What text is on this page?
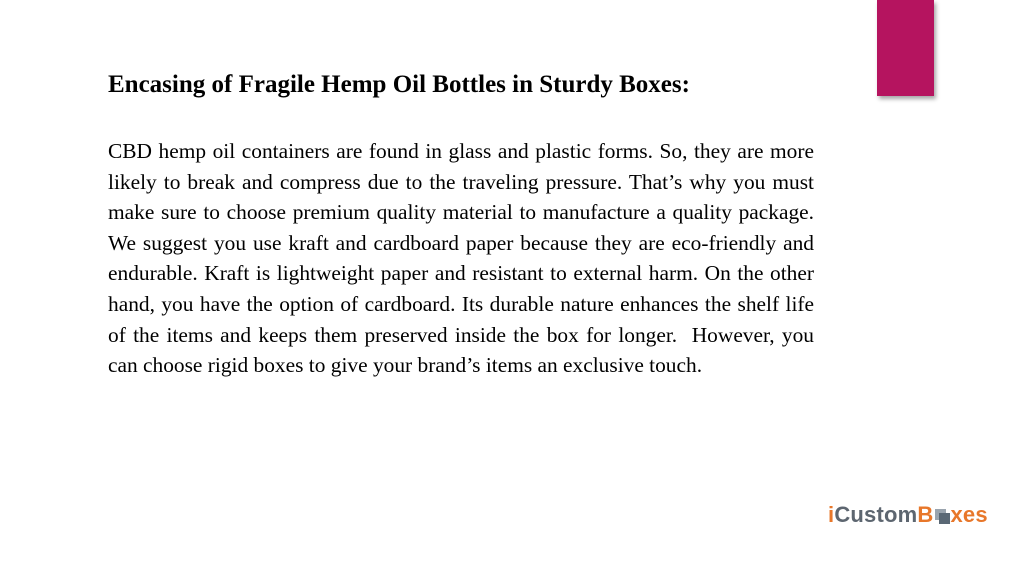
Encasing of Fragile Hemp Oil Bottles in Sturdy Boxes:

CBD hemp oil containers are found in glass and plastic forms. So, they are more likely to break and compress due to the traveling pressure. That’s why you must make sure to choose premium quality material to manufacture a quality package. We suggest you use kraft and cardboard paper because they are eco-friendly and endurable. Kraft is lightweight paper and resistant to external harm. On the other hand, you have the option of cardboard. Its durable nature enhances the shelf life of the items and keeps them preserved inside the box for longer.  However, you can choose rigid boxes to give your brand’s items an exclusive touch.

i Custom B xes
